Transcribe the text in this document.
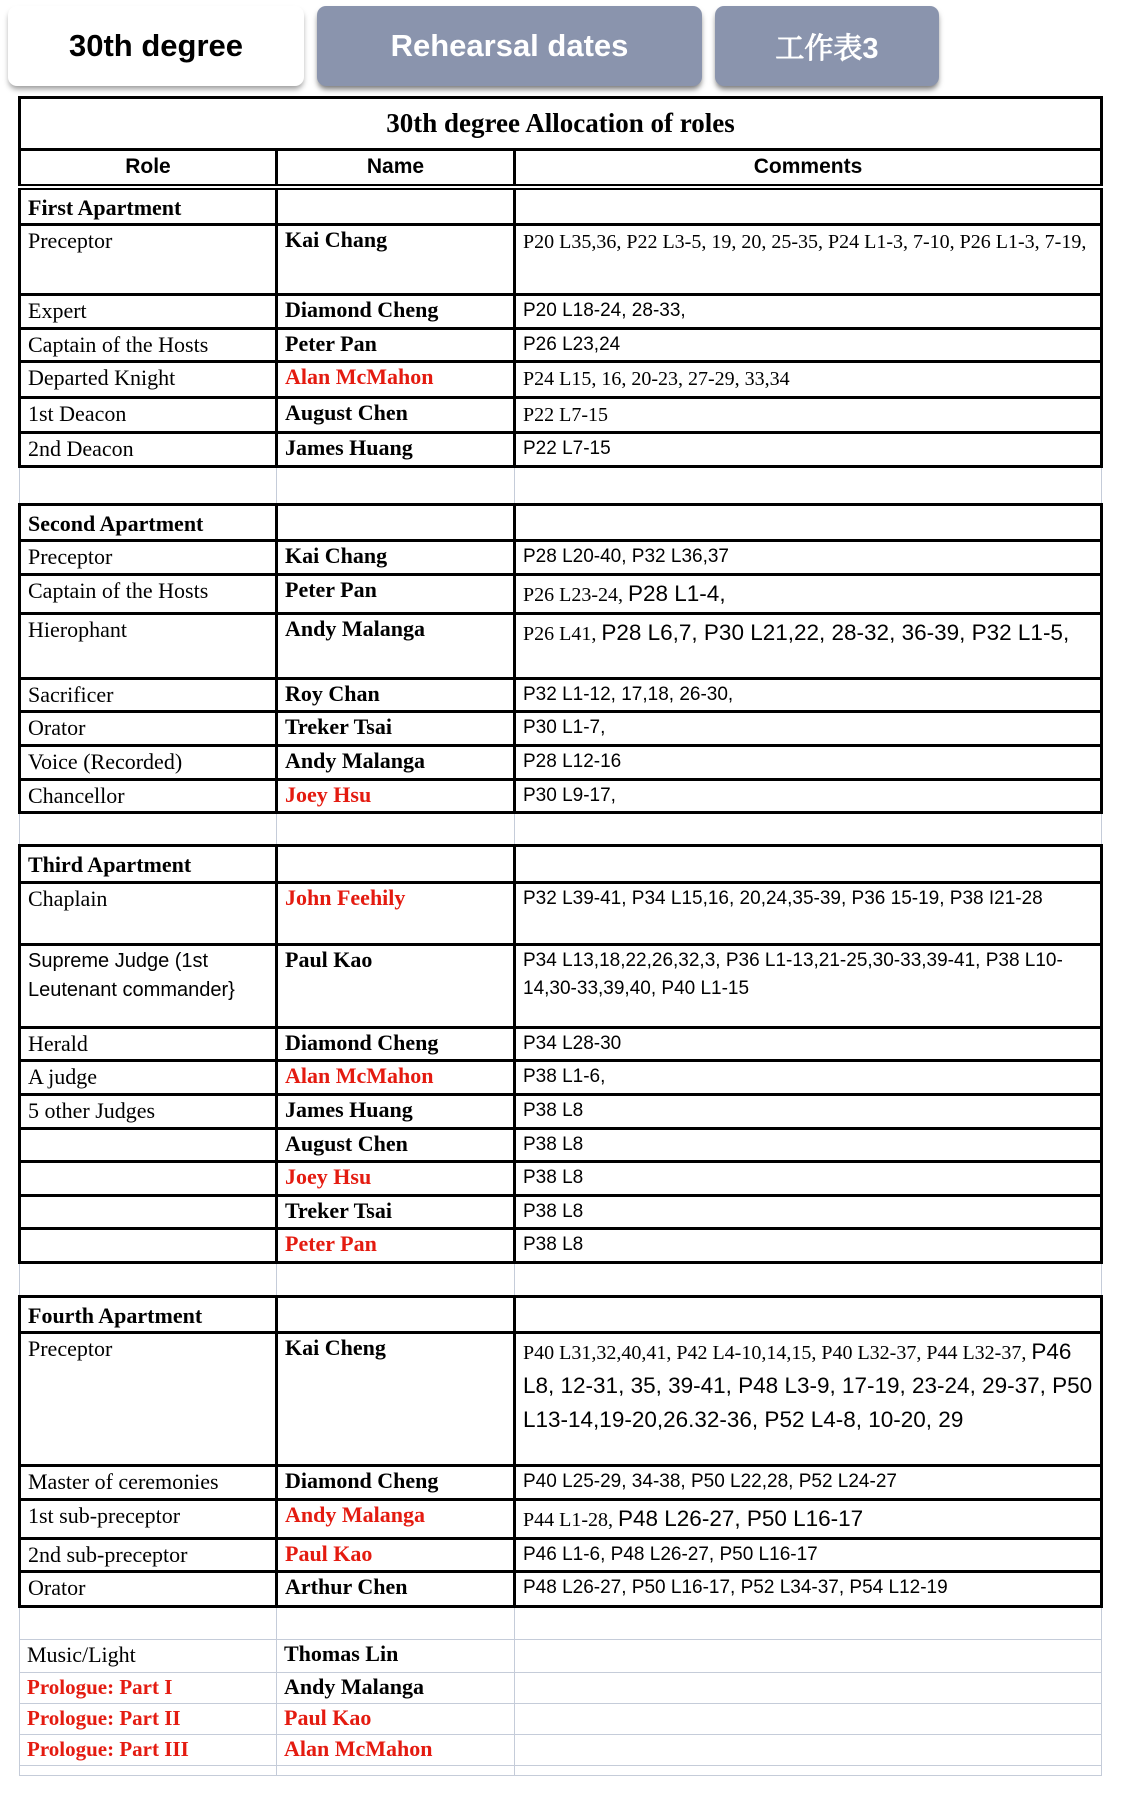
30th degree	Rehearsal dates	工作表3
30th degree Allocation of roles		
Role	Name	Comments
First Apartment		
Preceptor	Kai Chang	P20 L35,36, P22 L3-5, 19, 20, 25-35, P24 L1-3, 7-10, P26 L1-3, 7-19,
Expert	Diamond Cheng	P20 L18-24, 28-33,
Captain of the Hosts	Peter Pan	P26 L23,24
Departed Knight	Alan McMahon	P24 L15, 16, 20-23, 27-29, 33,34
1st Deacon	August Chen	P22 L7-15
2nd Deacon	James Huang	P22 L7-15

Second Apartment		
Preceptor	Kai Chang	P28 L20-40, P32 L36,37
Captain of the Hosts	Peter Pan	P26 L23-24, P28 L1-4,
Hierophant	Andy Malanga	P26 L41, P28 L6,7, P30 L21,22, 28-32, 36-39, P32 L1-5,
Sacrificer	Roy Chan	P32 L1-12, 17,18, 26-30,
Orator	Treker Tsai	P30 L1-7,
Voice (Recorded)	Andy Malanga	P28 L12-16
Chancellor	Joey Hsu	P30 L9-17,

Third Apartment		
Chaplain	John Feehily	P32 L39-41, P34 L15,16, 20,24,35-39, P36 15-19, P38 I21-28
Supreme Judge (1st Leutenant commander}	Paul Kao	P34 L13,18,22,26,32,3, P36 L1-13,21-25,30-33,39-41, P38 L10-14,30-33,39,40, P40 L1-15
Herald	Diamond Cheng	P34 L28-30
A judge	Alan McMahon	P38 L1-6,
5 other Judges	James Huang	P38 L8
	August Chen	P38 L8
	Joey Hsu	P38 L8
	Treker Tsai	P38 L8
	Peter Pan	P38 L8

Fourth Apartment		
Preceptor	Kai Cheng	P40 L31,32,40,41, P42 L4-10,14,15, P40 L32-37, P44 L32-37, P46 L8, 12-31, 35, 39-41, P48 L3-9, 17-19, 23-24, 29-37, P50 L13-14,19-20,26.32-36, P52 L4-8, 10-20, 29
Master of ceremonies	Diamond Cheng	P40 L25-29, 34-38, P50 L22,28, P52 L24-27
1st sub-preceptor	Andy Malanga	P44 L1-28, P48 L26-27, P50 L16-17
2nd sub-preceptor	Paul Kao	P46 L1-6, P48 L26-27, P50 L16-17
Orator	Arthur Chen	P48 L26-27, P50 L16-17, P52 L34-37, P54 L12-19

Music/Light	Thomas Lin	
Prologue: Part I	Andy Malanga	
Prologue: Part II	Paul Kao	
Prologue: Part III	Alan McMahon	
